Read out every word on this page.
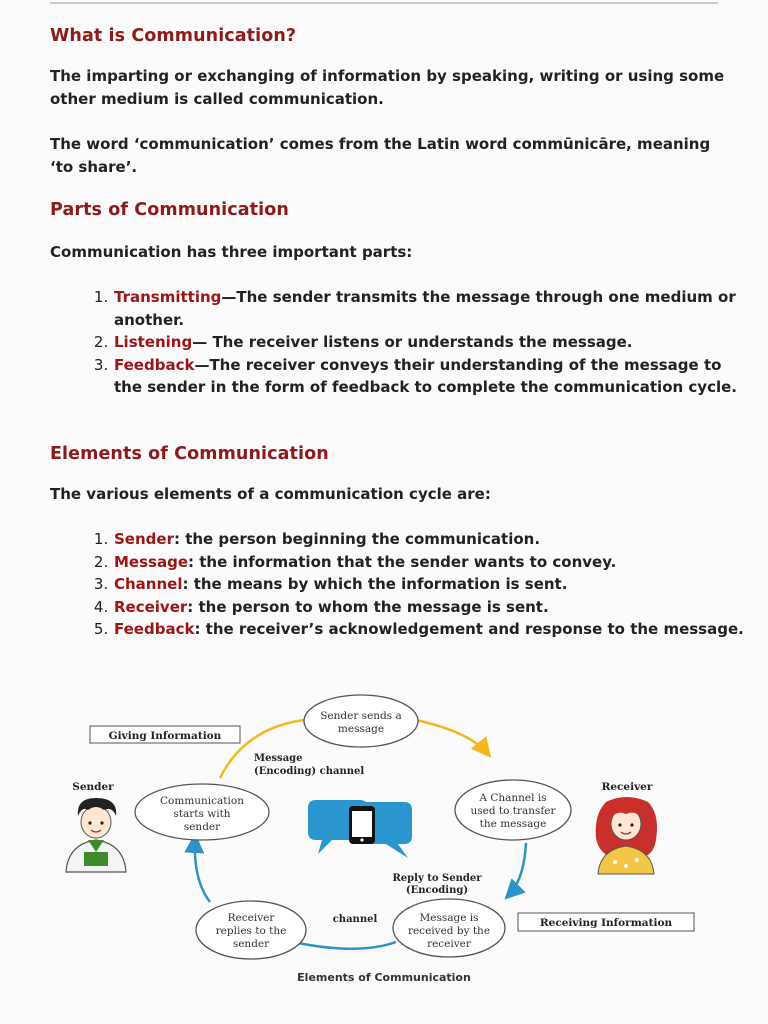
What is Communication?

The imparting or exchanging of information by speaking, writing or using some other medium is called communication.

The word ‘communication’ comes from the Latin word commūnicāre, meaning ‘to share’.

Parts of Communication

Communication has three important parts:

1. Transmitting—The sender transmits the message through one medium or another.
2. Listening— The receiver listens or understands the message.
3. Feedback—The receiver conveys their understanding of the message to the sender in the form of feedback to complete the communication cycle.
Elements of Communication

The various elements of a communication cycle are:

1. Sender: the person beginning the communication.
2. Message: the information that the sender wants to convey.
3. Channel: the means by which the information is sent.
4. Receiver: the person to whom the message is sent.
5. Feedback: the receiver’s acknowledgement and response to the message.
Sender sends a
message
A Channel is
used to transfer
the message
Message is
received by the
receiver
Receiver
replies to the
sender
Communication
starts with
sender
Giving Information
Receiving Information
Message
(Encoding) channel
Reply to Sender
(Encoding)
channel
Sender	Receiver
Elements of Communication
